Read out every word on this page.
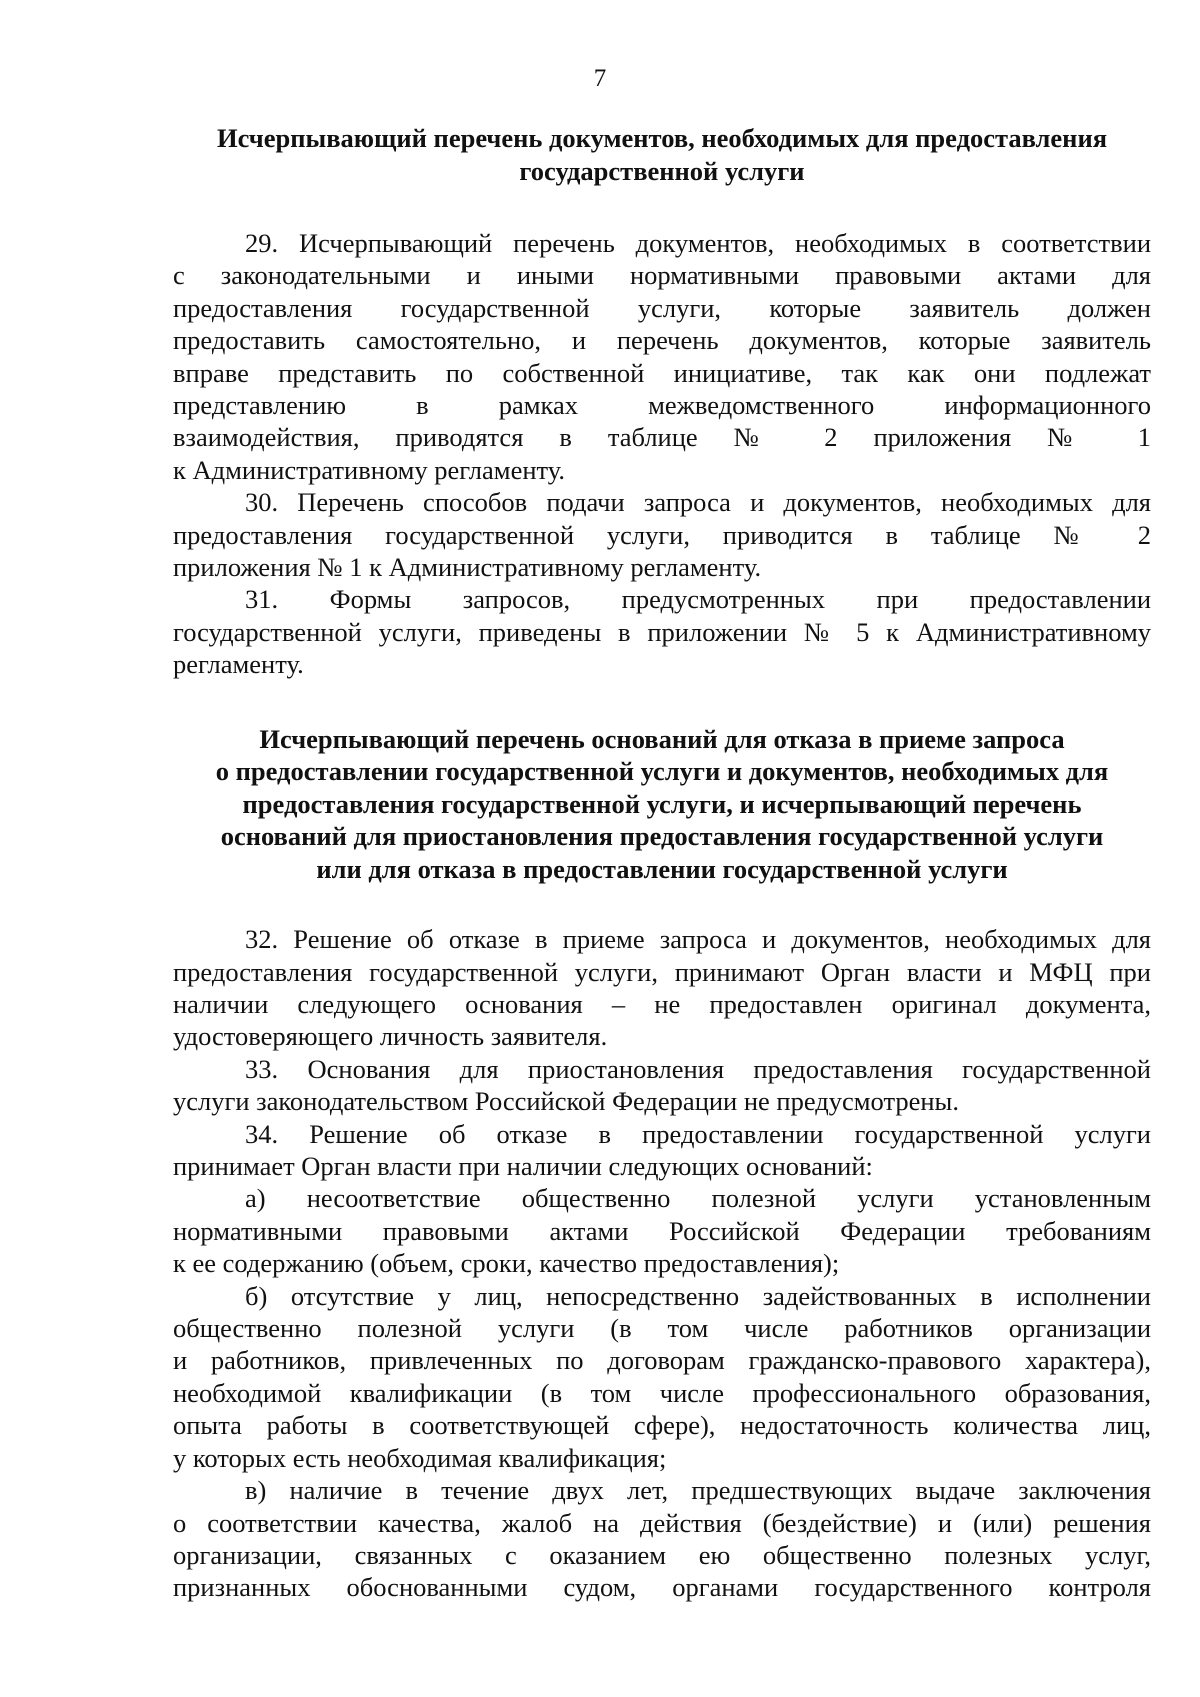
7
Исчерпывающий перечень документов, необходимых для предоставления
государственной услуги

29. Исчерпывающий перечень документов, необходимых в соответствии
с законодательными и иными нормативными правовыми актами для
предоставления государственной услуги, которые заявитель должен
предоставить самостоятельно, и перечень документов, которые заявитель
вправе представить по собственной инициативе, так как они подлежат
представлению в рамках межведомственного информационного
взаимодействия, приводятся в таблице № 2 приложения № 1
к Административному регламенту.

30. Перечень способов подачи запроса и документов, необходимых для
предоставления государственной услуги, приводится в таблице № 2
приложения № 1 к Административному регламенту.

31. Формы запросов, предусмотренных при предоставлении
государственной услуги, приведены в приложении № 5 к Административному
регламенту.

Исчерпывающий перечень оснований для отказа в приеме запроса
о предоставлении государственной услуги и документов, необходимых для
предоставления государственной услуги, и исчерпывающий перечень
оснований для приостановления предоставления государственной услуги
или для отказа в предоставлении государственной услуги

32. Решение об отказе в приеме запроса и документов, необходимых для
предоставления государственной услуги, принимают Орган власти и МФЦ при
наличии следующего основания – не предоставлен оригинал документа,
удостоверяющего личность заявителя.

33. Основания для приостановления предоставления государственной
услуги законодательством Российской Федерации не предусмотрены.

34. Решение об отказе в предоставлении государственной услуги
принимает Орган власти при наличии следующих оснований:

а) несоответствие общественно полезной услуги установленным
нормативными правовыми актами Российской Федерации требованиям
к ее содержанию (объем, сроки, качество предоставления);

б) отсутствие у лиц, непосредственно задействованных в исполнении
общественно полезной услуги (в том числе работников организации
и работников, привлеченных по договорам гражданско-правового характера),
необходимой квалификации (в том числе профессионального образования,
опыта работы в соответствующей сфере), недостаточность количества лиц,
у которых есть необходимая квалификация;

в) наличие в течение двух лет, предшествующих выдаче заключения
о соответствии качества, жалоб на действия (бездействие) и (или) решения
организации, связанных с оказанием ею общественно полезных услуг,
признанных обоснованными судом, органами государственного контроля
